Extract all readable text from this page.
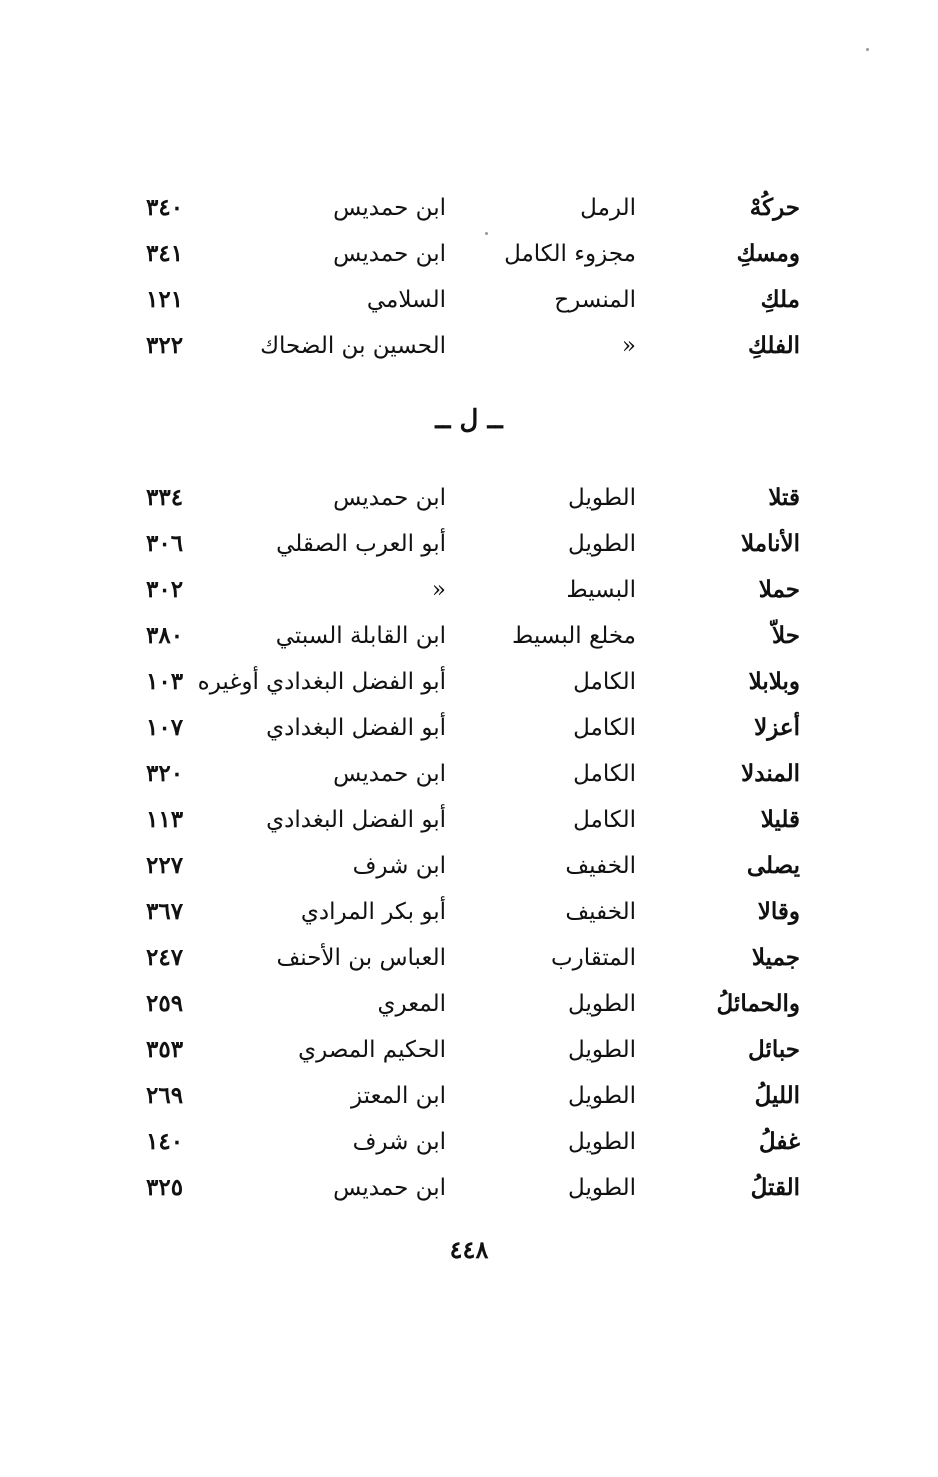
حركُهْ
الرمل
ابن حمديس
٣٤٠
ومسكِ
مجزوء الكامل
ابن حمديس
٣٤١
ملكِ
المنسرح
السلامي
١٢١
الفلكِ
»
الحسين بن الضحاك
٣٢٢
ــ ل ــ
قتلا
الطويل
ابن حمديس
٣٣٤
الأناملا
الطويل
أبو العرب الصقلي
٣٠٦
حملا
البسيط
»
٣٠٢
حلاّ
مخلع البسيط
ابن القابلة السبتي
٣٨٠
وبلابلا
الكامل
أبو الفضل البغدادي أوغيره
١٠٣
أعزلا
الكامل
أبو الفضل البغدادي
١٠٧
المندلا
الكامل
ابن حمديس
٣٢٠
قليلا
الكامل
أبو الفضل البغدادي
١١٣
يصلى
الخفيف
ابن شرف
٢٢٧
وقالا
الخفيف
أبو بكر المرادي
٣٦٧
جميلا
المتقارب
العباس بن الأحنف
٢٤٧
والحمائلُ
الطويل
المعري
٢٥٩
حبائل
الطويل
الحكيم المصري
٣٥٣
الليلُ
الطويل
ابن المعتز
٢٦٩
غفلُ
الطويل
ابن شرف
١٤٠
القتلُ
الطويل
ابن حمديس
٣٢٥
٤٤٨
